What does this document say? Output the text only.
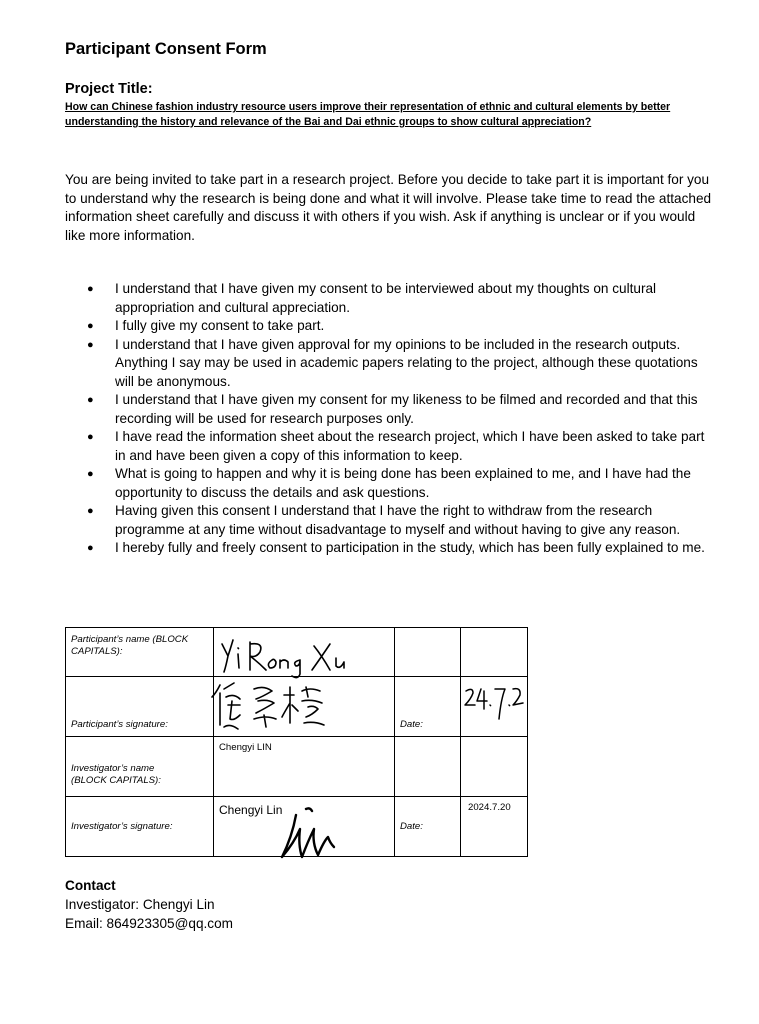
Participant Consent Form
Project Title:
How can Chinese fashion industry resource users improve their representation of ethnic and cultural elements by better understanding the history and relevance of the Bai and Dai ethnic groups to show cultural appreciation?

You are being invited to take part in a research project. Before you decide to take part it is important for you to understand why the research is being done and what it will involve. Please take time to read the attached information sheet carefully and discuss it with others if you wish. Ask if anything is unclear or if you would like more information.

● I understand that I have given my consent to be interviewed about my thoughts on cultural appropriation and cultural appreciation.
● I fully give my consent to take part.
● I understand that I have given approval for my opinions to be included in the research outputs. Anything I say may be used in academic papers relating to the project, although these quotations will be anonymous.
● I understand that I have given my consent for my likeness to be filmed and recorded and that this recording will be used for research purposes only.
● I have read the information sheet about the research project, which I have been asked to take part in and have been given a copy of this information to keep.
● What is going to happen and why it is being done has been explained to me, and I have had the opportunity to discuss the details and ask questions.
● Having given this consent I understand that I have the right to withdraw from the research programme at any time without disadvantage to myself and without having to give any reason.
● I hereby fully and freely consent to participation in the study, which has been fully explained to me.
Participant’s name (BLOCK CAPITALS):

Participant’s signature:		Date:

Investigator’s name (BLOCK CAPITALS):	Chengyi LIN		

Investigator’s signature:	Chengyi Lin	Date:	2024.7.20
Contact
Investigator: Chengyi Lin
Email: 864923305@qq.com
